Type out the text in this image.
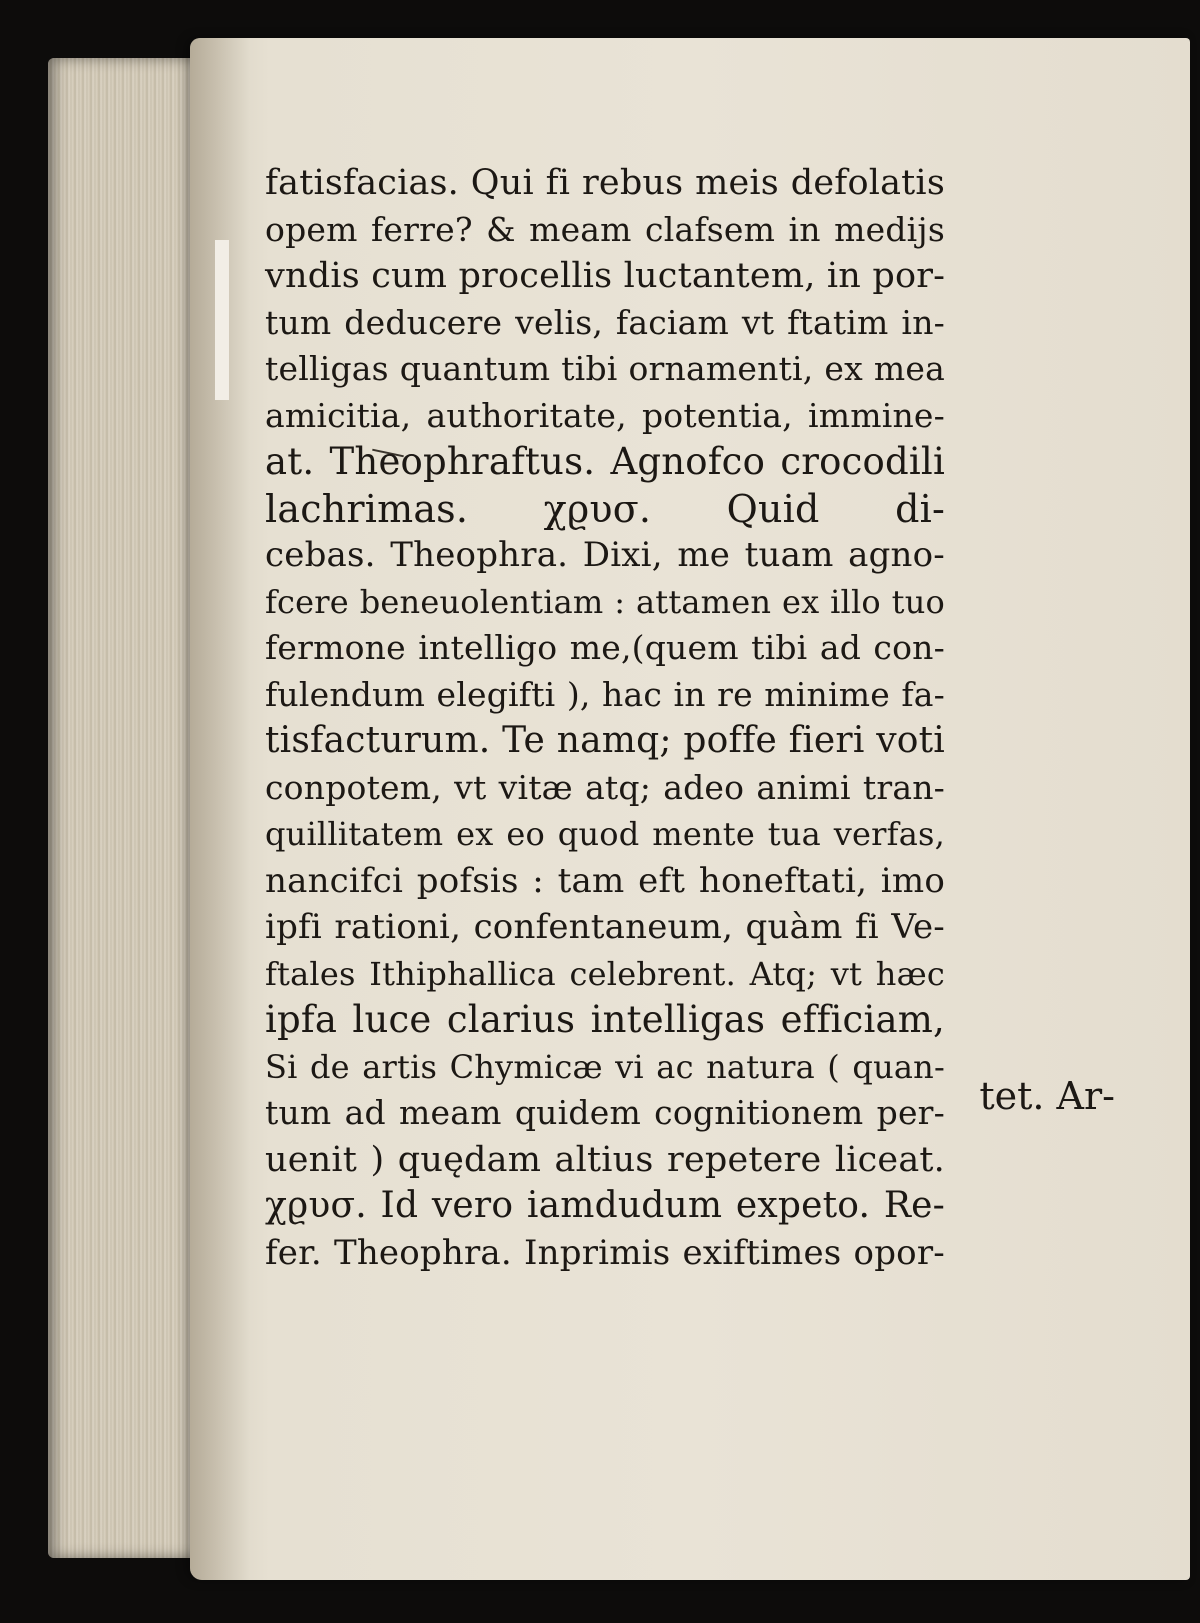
fatisfacias. Qui fi rebus meis defolatis
opem ferre? & meam clafsem in medijs
vndis cum procellis luctantem, in por-
tum deducere velis, faciam vt ftatim in-
telligas quantum tibi ornamenti, ex mea
amicitia, authoritate, potentia, immine-
at. Theophraftus. Agnofco crocodili
lachrimas. χϱυσ. Quid di-
cebas. Theophra. Dixi, me tuam agno-
fcere beneuolentiam : attamen ex illo tuo
fermone intelligo me,(quem tibi ad con-
fulendum elegifti ), hac in re minime fa-
tisfacturum. Te namq; poffe fieri voti
conpotem, vt vitæ atq; adeo animi tran-
quillitatem ex eo quod mente tua verfas,
nancifci pofsis : tam eft honeftati, imo
ipfi rationi, confentaneum, quàm fi Ve-
ftales Ithiphallica celebrent. Atq; vt hæc
ipfa luce clarius intelligas efficiam,
Si de artis Chymicæ vi ac natura ( quan-
tum ad meam quidem cognitionem per-
uenit ) quędam altius repetere liceat.
χϱυσ. Id vero iamdudum expeto. Re-
fer. Theophra. Inprimis exiftimes opor-
tet. Ar-
